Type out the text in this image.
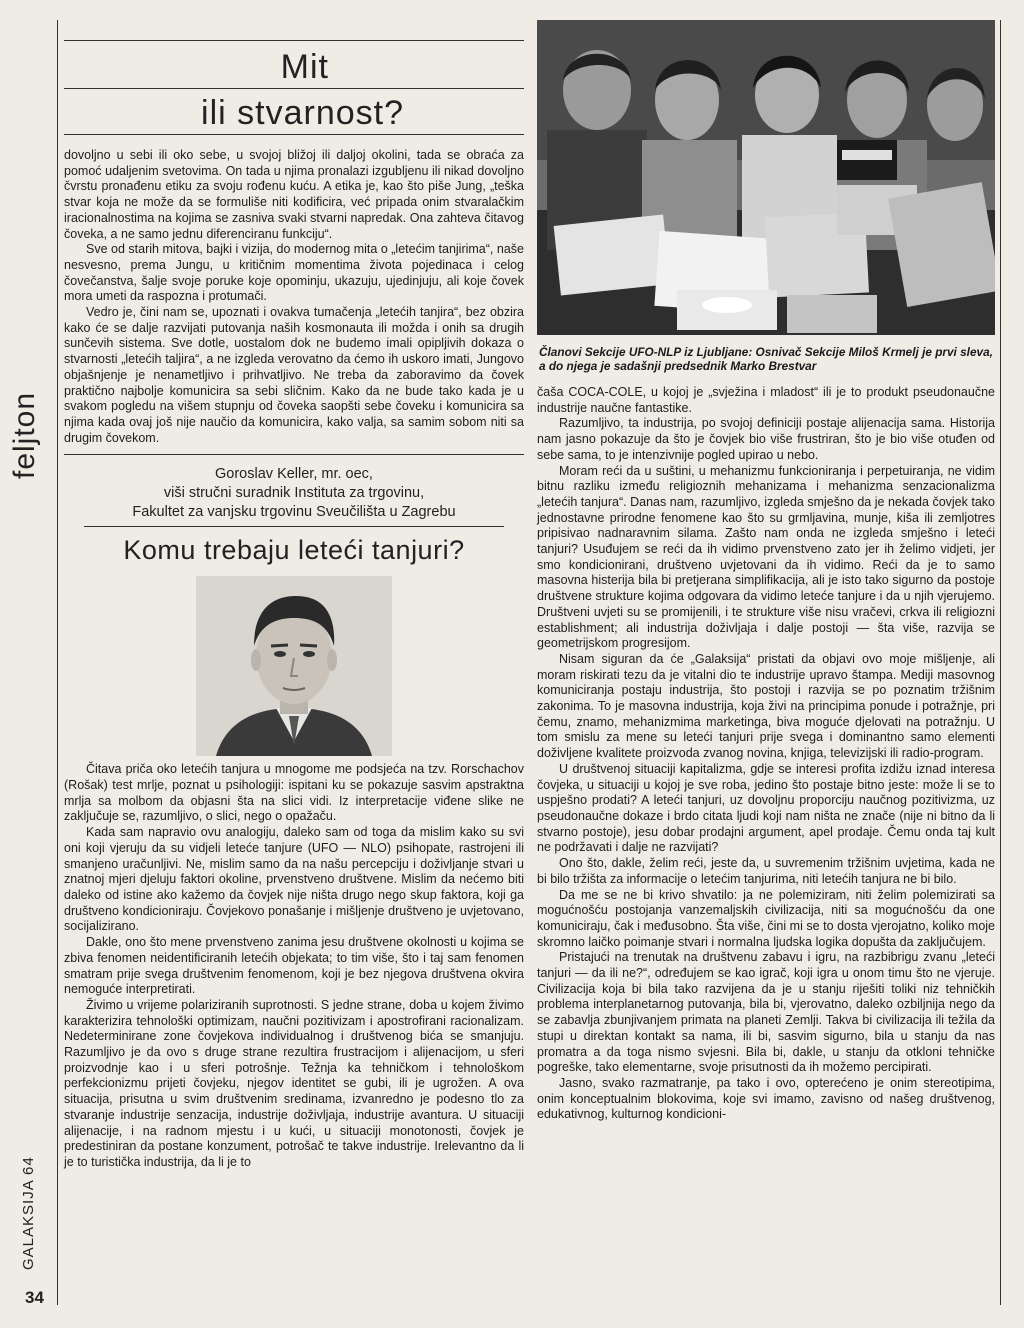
feljton
GALAKSIJA 64
34
Mit
ili stvarnost?

dovoljno u sebi ili oko sebe, u svojoj bližoj ili daljoj okolini, tada se obraća za pomoć udaljenim svetovima. On tada u njima pronalazi izgubljenu ili nikad dovoljno čvrstu pronađenu etiku za svoju rođenu kuću. A etika je, kao što piše Jung, „teška stvar koja ne može da se formuliše niti kodificira, već pripada onim stvaralačkim iracionalnostima na kojima se zasniva svaki stvarni napredak. Ona zahteva čitavog čoveka, a ne samo jednu diferenciranu funkciju“.

Sve od starih mitova, bajki i vizija, do modernog mita o „letećim tanjirima“, naše nesvesno, prema Jungu, u kritičnim momentima života pojedinaca i celog čovečanstva, šalje svoje poruke koje opominju, ukazuju, ujedinjuju, ali koje čovek mora umeti da raspozna i protumači.

Vedro je, čini nam se, upoznati i ovakva tumačenja „letećih tanjira“, bez obzira kako će se dalje razvijati putovanja naših kosmonauta ili možda i onih sa drugih sunčevih sistema. Sve dotle, uostalom dok ne budemo imali opipljivih dokaza o stvarnosti „letećih taljira“, a ne izgleda verovatno da ćemo ih uskoro imati, Jungovo objašnjenje je nenametljivo i prihvatljivo. Ne treba da zaboravimo da čovek praktično najbolje komunicira sa sebi sličnim. Kako da ne bude tako kada je u svakom pogledu na višem stupnju od čoveka saopšti sebe čoveku i komunicira sa njima kada ovaj još nije naučio da komunicira, kako valja, sa samim sobom niti sa drugim čovekom.

Goroslav Keller, mr. oec,
viši stručni suradnik Instituta za trgovinu,
Fakultet za vanjsku trgovinu Sveučilišta u Zagrebu
Komu trebaju leteći tanjuri?

Čitava priča oko letećih tanjura u mnogome me podsjeća na tzv. Rorschachov (Rošak) test mrlje, poznat u psihologiji: ispitani ku se pokazuje sasvim apstraktna mrlja sa molbom da objasni šta na slici vidi. Iz interpretacije viđene slike ne zaključuje se, razumljivo, o slici, nego o opažaču.

Kada sam napravio ovu analogiju, daleko sam od toga da mislim kako su svi oni koji vjeruju da su vidjeli leteće tanjure (UFO — NLO) psihopate, rastrojeni ili smanjeno uračunljivi. Ne, mislim samo da na našu percepciju i doživljanje stvari u znatnoj mjeri djeluju faktori okoline, prvenstveno društvene. Mislim da nećemo biti daleko od istine ako kažemo da čovjek nije ništa drugo nego skup faktora, koji ga društveno kondicioniraju. Čovjekovo ponašanje i mišljenje društveno je uvjetovano, socijalizirano.

Dakle, ono što mene prvenstveno zanima jesu društvene okolnosti u kojima se zbiva fenomen neidentificiranih letećih objekata; to tim više, što i taj sam fenomen smatram prije svega društvenim fenomenom, koji je bez njegova društvena okvira nemoguće interpretirati.

Živimo u vrijeme polariziranih suprotnosti. S jedne strane, doba u kojem živimo karakterizira tehnološki optimizam, naučni pozitivizam i apostrofirani racionalizam. Nedeterminirane zone čovjekova individualnog i društvenog bića se smanjuju. Razumljivo je da ovo s druge strane rezultira frustracijom i alijenacijom, u sferi proizvodnje kao i u sferi potrošnje. Težnja ka tehničkom i tehnološkom perfekcionizmu prijeti čovjeku, njegov identitet se gubi, ili je ugrožen. A ova situacija, prisutna u svim društvenim sredinama, izvanredno je podesno tlo za stvaranje industrije senzacija, industrije doživljaja, industrije avantura. U situaciji alijenacije, i na radnom mjestu i u kući, u situaciji monotonosti, čovjek je predestiniran da postane konzument, potrošač te takve industrije. Irelevantno da li je to turistička industrija, da li je to

Članovi Sekcije UFO-NLP iz Ljubljane: Osnivač Sekcije Miloš Krmelj je prvi sleva, a do njega je sadašnji predsednik Marko Brestvar

čaša COCA-COLE, u kojoj je „svježina i mladost“ ili je to produkt pseudonaučne industrije naučne fantastike.

Razumljivo, ta industrija, po svojoj definiciji postaje alijenacija sama. Historija nam jasno pokazuje da što je čovjek bio više frustriran, što je bio više otuđen od sebe sama, to je intenzivnije pogled upirao u nebo.

Moram reći da u suštini, u mehanizmu funkcioniranja i perpetuiranja, ne vidim bitnu razliku između religioznih mehanizama i mehanizma senzacionalizma „letećih tanjura“. Danas nam, razumljivo, izgleda smješno da je nekada čovjek tako jednostavne prirodne fenomene kao što su grmljavina, munje, kiša ili zemljotres pripisivao nadnaravnim silama. Zašto nam onda ne izgleda smješno i leteći tanjuri? Usuđujem se reći da ih vidimo prvenstveno zato jer ih želimo vidjeti, jer smo kondicionirani, društveno uvjetovani da ih vidimo. Reći da je to samo masovna histerija bila bi pretjerana simplifikacija, ali je isto tako sigurno da postoje društvene strukture kojima odgovara da vidimo leteće tanjure i da u njih vjerujemo. Društveni uvjeti su se promijenili, i te strukture više nisu vračevi, crkva ili religiozni establishment; ali industrija doživljaja i dalje postoji — šta više, razvija se geometrijskom progresijom.

Nisam siguran da će „Galaksija“ pristati da objavi ovo moje mišljenje, ali moram riskirati tezu da je vitalni dio te industrije upravo štampa. Mediji masovnog komuniciranja postaju industrija, što postoji i razvija se po poznatim tržišnim zakonima. To je masovna industrija, koja živi na principima ponude i potražnje, pri čemu, znamo, mehanizmima marketinga, biva mogućе djelovati na potražnju. U tom smislu za mene su leteći tanjuri prije svega i dominantno samo elementi doživljene kvalitete proizvoda zvanog novina, knjiga, televizijski ili radio-program.

U društvenoj situaciji kapitalizma, gdje se interesi profita izdižu iznad interesa čovjeka, u situaciji u kojoj je sve roba, jedino što postaje bitno jeste: može li se to uspješno prodati? A leteći tanjuri, uz dovoljnu proporciju naučnog pozitivizma, uz pseudonaučne dokaze i brdo citata ljudi koji nam ništa ne znače (nije ni bitno da li stvarno postoje), jesu dobar prodajni argument, apel prodaje. Čemu onda taj kult ne podržavati i dalje ne razvijati?

Ono što, dakle, želim reći, jeste da, u suvremenim tržišnim uvjetima, kada ne bi bilo tržišta za informacije o letećim tanjurima, niti letećih tanjura ne bi bilo.

Da me se ne bi krivo shvatilo: ja ne polemiziram, niti želim polemizirati sa mogućnošću postojanja vanzemaljskih civilizacija, niti sa mogućnošću da one komuniciraju, čak i međusobno. Šta više, čini mi se to dosta vjerojatno, koliko moje skromno laičko poimanje stvari i normalna ljudska logika dopušta da zaključujem.

Pristajući na trenutak na društvenu zabavu i igru, na razbibrigu zvanu „leteći tanjuri — da ili ne?“, određujem se kao igrač, koji igra u onom timu što ne vjeruje. Civilizacija koja bi bila tako razvijena da je u stanju riješiti toliki niz tehničkih problema interplanetarnog putovanja, bila bi, vjerovatno, daleko ozbiljnija nego da se zabavlja zbunjivanjem primata na planeti Zemlji. Takva bi civilizacija ili težila da stupi u direktan kontakt sa nama, ili bi, sasvim sigurno, bila u stanju da nas promatra a da toga nismo svjesni. Bila bi, dakle, u stanju da otkloni tehničke pogreške, tako elementarne, svoje prisutnosti da ih možemo percipirati.

Jasno, svako razmatranje, pa tako i ovo, opterećeno je onim stereotipima, onim konceptualnim blokovima, koje svi imamo, zavisno od našeg društvenog, edukativnog, kulturnog kondicioni-
